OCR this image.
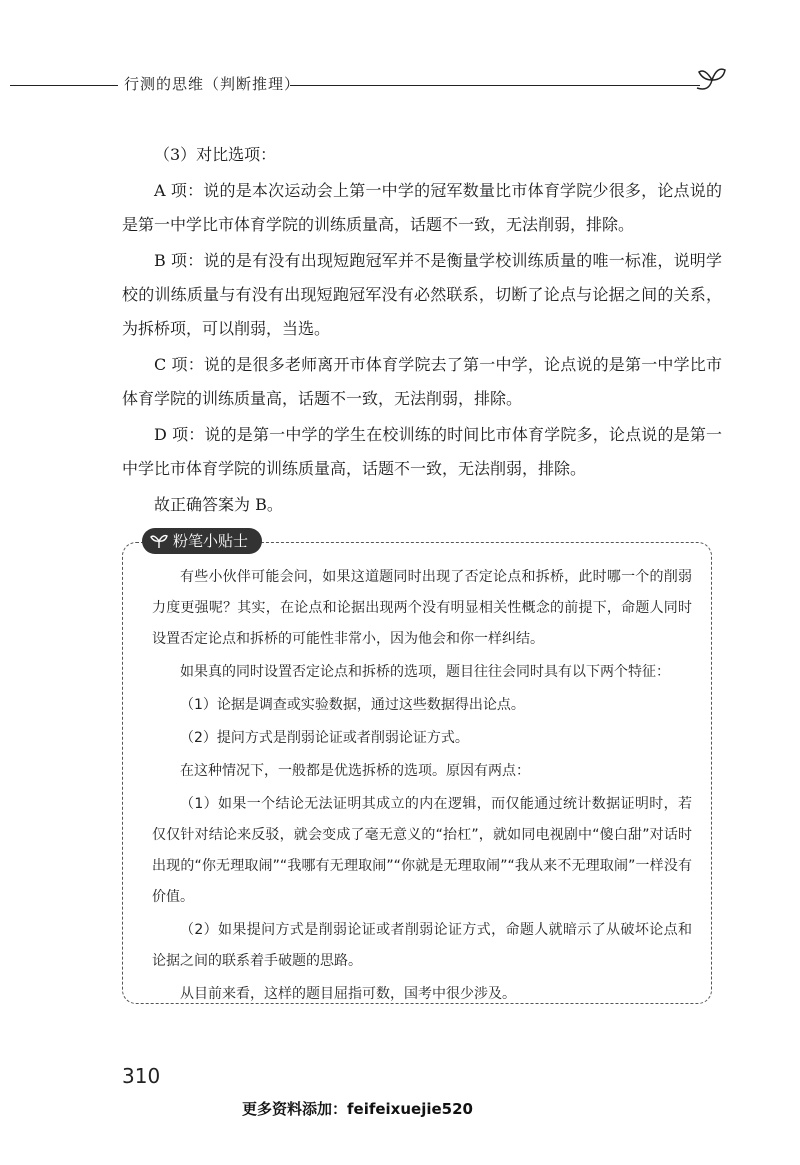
行测的思维（判断推理）

（3）对比选项：

A 项：说的是本次运动会上第一中学的冠军数量比市体育学院少很多，论点说的是第一中学比市体育学院的训练质量高，话题不一致，无法削弱，排除。

B 项：说的是有没有出现短跑冠军并不是衡量学校训练质量的唯一标准，说明学校的训练质量与有没有出现短跑冠军没有必然联系，切断了论点与论据之间的关系，为拆桥项，可以削弱，当选。

C 项：说的是很多老师离开市体育学院去了第一中学，论点说的是第一中学比市体育学院的训练质量高，话题不一致，无法削弱，排除。

D 项：说的是第一中学的学生在校训练的时间比市体育学院多，论点说的是第一中学比市体育学院的训练质量高，话题不一致，无法削弱，排除。

故正确答案为 B。

粉笔小贴士

有些小伙伴可能会问，如果这道题同时出现了否定论点和拆桥，此时哪一个的削弱力度更强呢？其实，在论点和论据出现两个没有明显相关性概念的前提下，命题人同时设置否定论点和拆桥的可能性非常小，因为他会和你一样纠结。

如果真的同时设置否定论点和拆桥的选项，题目往往会同时具有以下两个特征：

（1）论据是调查或实验数据，通过这些数据得出论点。

（2）提问方式是削弱论证或者削弱论证方式。

在这种情况下，一般都是优选拆桥的选项。原因有两点：

（1）如果一个结论无法证明其成立的内在逻辑，而仅能通过统计数据证明时，若仅仅针对结论来反驳，就会变成了毫无意义的“抬杠”，就如同电视剧中“傻白甜”对话时出现的“你无理取闹”“我哪有无理取闹”“你就是无理取闹”“我从来不无理取闹”一样没有价值。

（2）如果提问方式是削弱论证或者削弱论证方式，命题人就暗示了从破坏论点和论据之间的联系着手破题的思路。

从目前来看，这样的题目屈指可数，国考中很少涉及。

310
更多资料添加：feifeixuejie520
